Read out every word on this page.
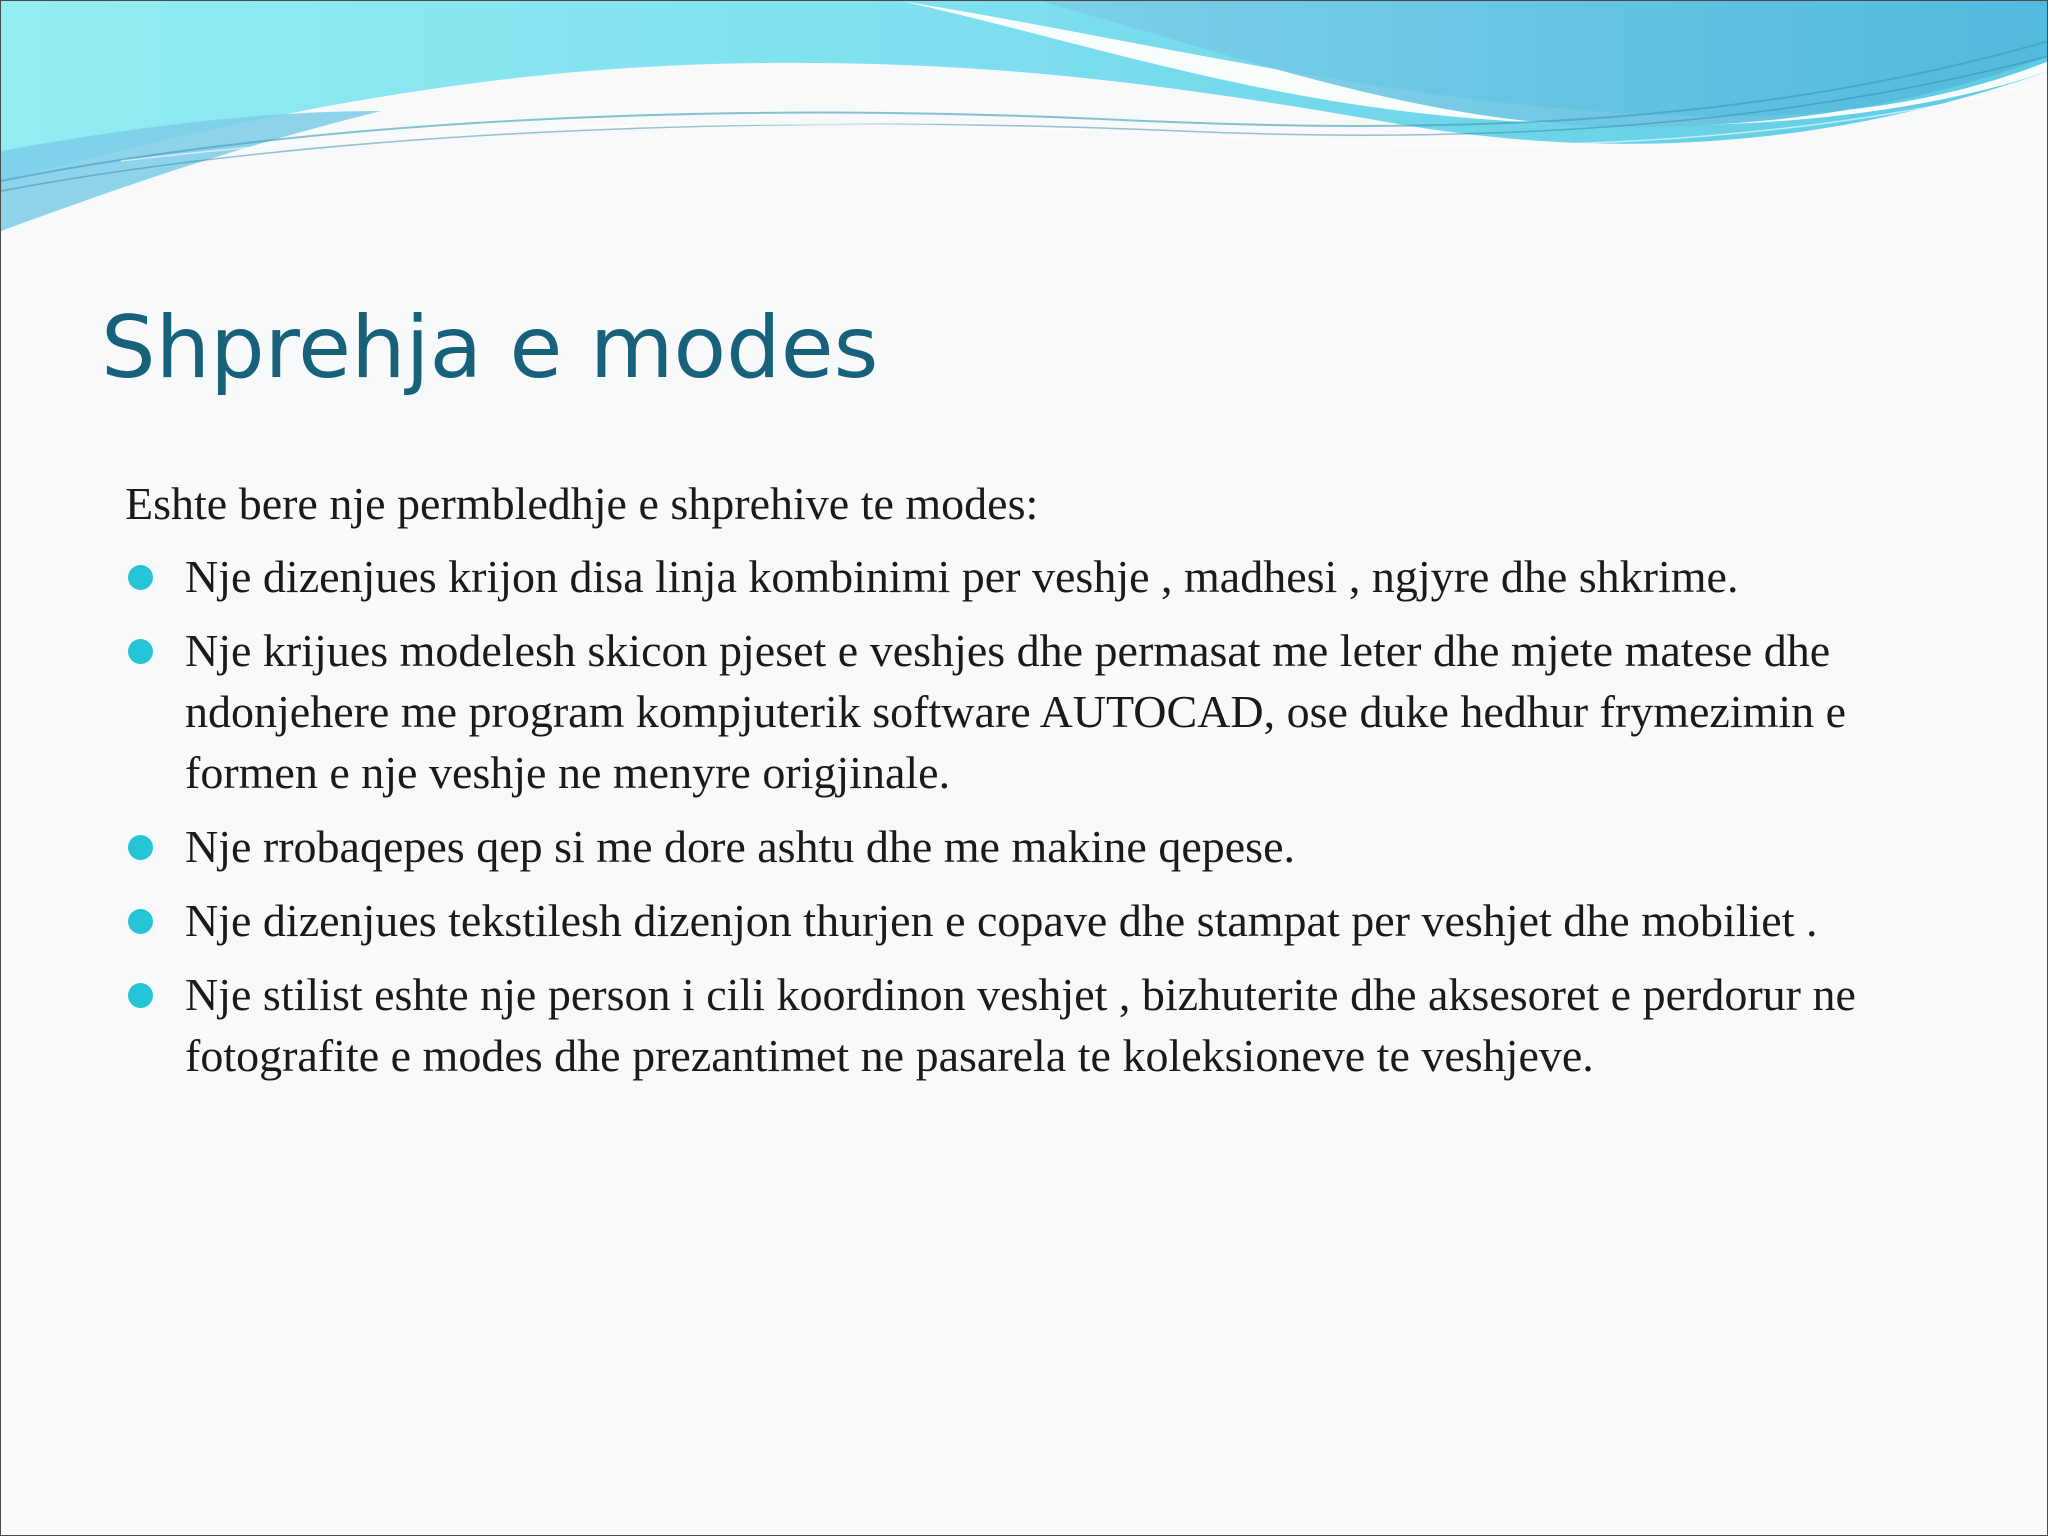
Shprehja e modes

Eshte bere nje permbledhje e shprehive te modes:

Nje dizenjues krijon disa linja kombinimi per veshje , madhesi , ngjyre dhe shkrime.
Nje krijues modelesh skicon pjeset e veshjes dhe permasat me leter dhe mjete matese dhe ndonjehere me program kompjuterik software AUTOCAD, ose duke hedhur frymezimin e formen e nje veshje ne menyre origjinale.
Nje rrobaqepes qep si me dore ashtu dhe me makine qepese.
Nje dizenjues tekstilesh dizenjon thurjen e copave dhe stampat per veshjet dhe mobiliet .
Nje stilist eshte nje person i cili koordinon veshjet , bizhuterite dhe aksesoret e perdorur ne fotografite e modes dhe prezantimet ne pasarela te koleksioneve te veshjeve.
